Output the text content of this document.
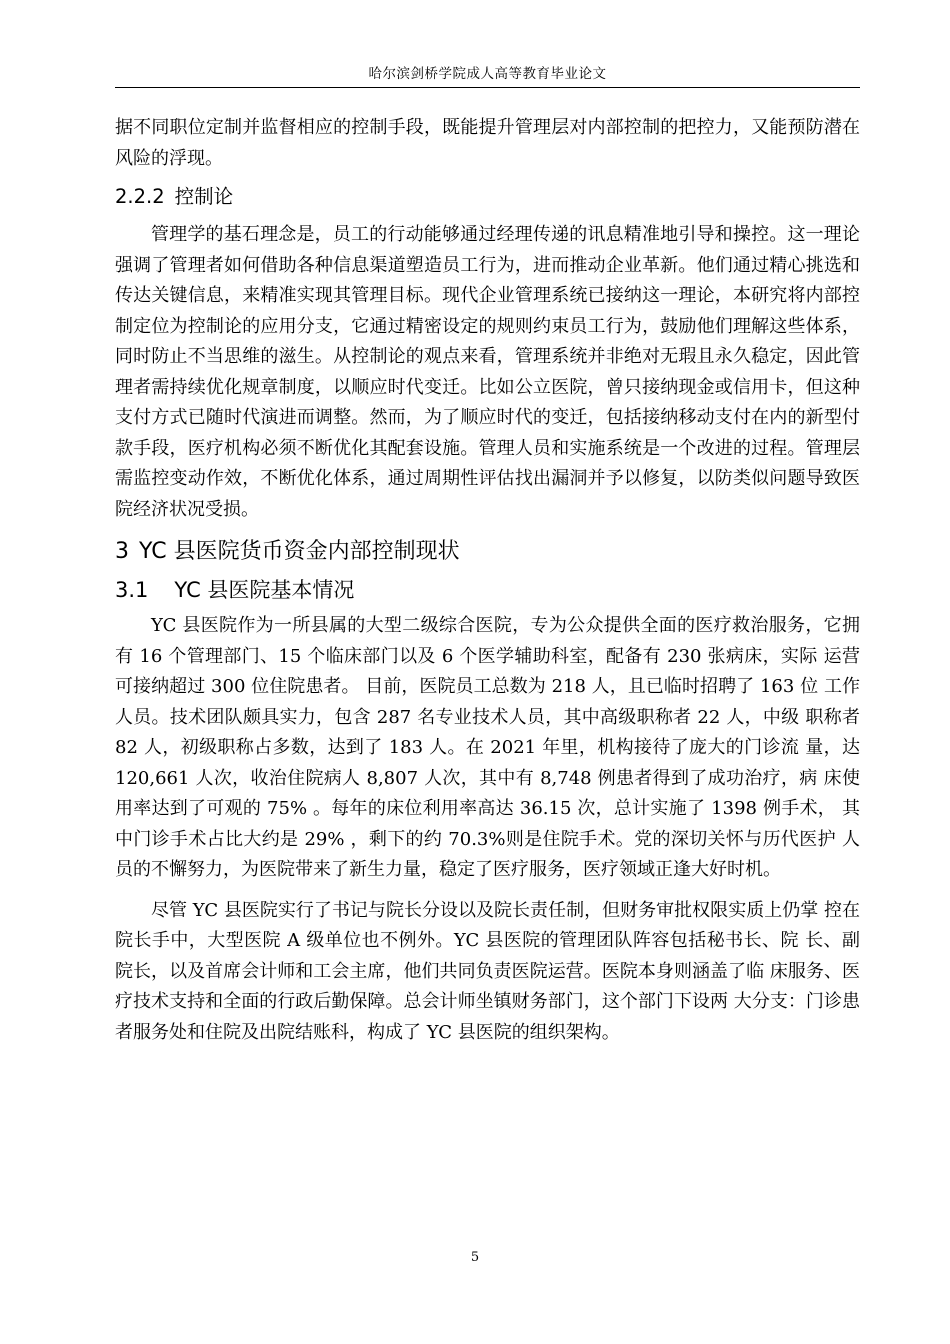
哈尔滨剑桥学院成人高等教育毕业论文

据不同职位定制并监督相应的控制手段，既能提升管理层对内部控制的把控力，又能预防潜在风险的浮现。

2.2.2 控制论

管理学的基石理念是，员工的行动能够通过经理传递的讯息精准地引导和操控。这一理论强调了管理者如何借助各种信息渠道塑造员工行为，进而推动企业革新。他们通过精心挑选和传达关键信息，来精准实现其管理目标。现代企业管理系统已接纳这一理论，本研究将内部控制定位为控制论的应用分支，它通过精密设定的规则约束员工行为，鼓励他们理解这些体系，同时防止不当思维的滋生。从控制论的观点来看，管理系统并非绝对无瑕且永久稳定，因此管理者需持续优化规章制度，以顺应时代变迁。比如公立医院，曾只接纳现金或信用卡，但这种支付方式已随时代演进而调整。然而，为了顺应时代的变迁，包括接纳移动支付在内的新型付款手段，医疗机构必须不断优化其配套设施。管理人员和实施系统是一个改进的过程。管理层需监控变动作效，不断优化体系，通过周期性评估找出漏洞并予以修复，以防类似问题导致医院经济状况受损。

3 YC 县医院货币资金内部控制现状

3.1 YC 县医院基本情况

YC 县医院作为一所县属的大型二级综合医院，专为公众提供全面的医疗救治服务，它拥有 16 个管理部门、15 个临床部门以及 6 个医学辅助科室，配备有 230 张病床，实际 运营可接纳超过 300 位住院患者。 目前，医院员工总数为 218 人，且已临时招聘了 163 位 工作人员。技术团队颇具实力，包含 287 名专业技术人员，其中高级职称者 22 人，中级 职称者 82 人，初级职称占多数，达到了 183 人。在 2021 年里，机构接待了庞大的门诊流 量，达 120,661 人次，收治住院病人 8,807 人次，其中有 8,748 例患者得到了成功治疗，病 床使用率达到了可观的 75% 。每年的床位利用率高达 36.15 次，总计实施了 1398 例手术， 其中门诊手术占比大约是 29% ，剩下的约 70.3%则是住院手术。党的深切关怀与历代医护 人员的不懈努力，为医院带来了新生力量，稳定了医疗服务，医疗领域正逢大好时机。

尽管 YC 县医院实行了书记与院长分设以及院长责任制，但财务审批权限实质上仍掌 控在院长手中，大型医院 A 级单位也不例外。YC 县医院的管理团队阵容包括秘书长、院 长、副院长，以及首席会计师和工会主席，他们共同负责医院运营。医院本身则涵盖了临 床服务、医疗技术支持和全面的行政后勤保障。总会计师坐镇财务部门，这个部门下设两 大分支：门诊患者服务处和住院及出院结账科，构成了 YC 县医院的组织架构。

5
